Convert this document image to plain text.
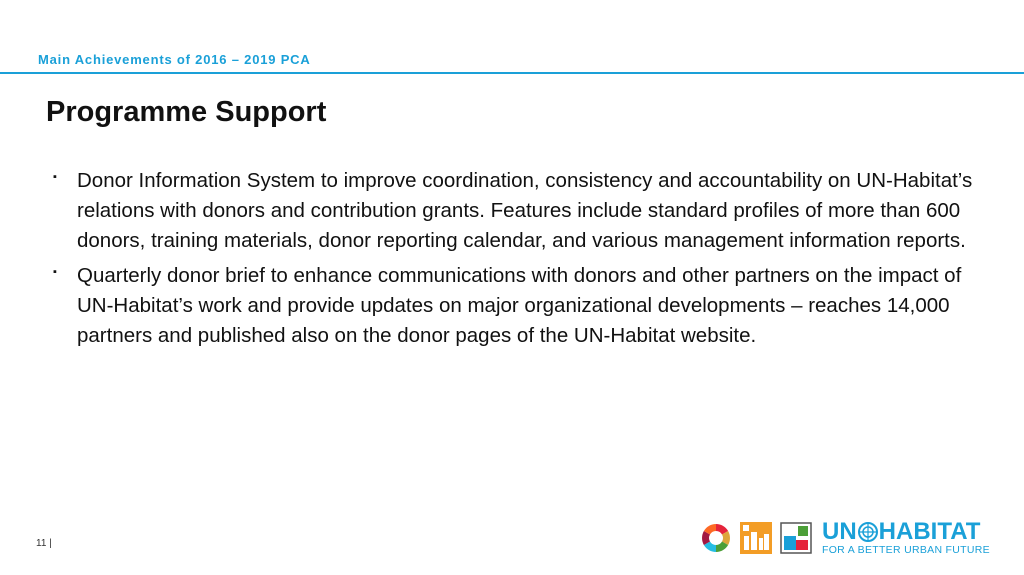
Main Achievements of 2016 – 2019 PCA
Programme Support
▪ Donor Information System to improve coordination, consistency and accountability on UN-Habitat’s relations with donors and contribution grants. Features include standard profiles of more than 600 donors, training materials, donor reporting calendar, and various management information reports.
▪ Quarterly donor brief to enhance communications with donors and other partners on the impact of UN-Habitat’s work and provide updates on major organizational developments – reaches 14,000 partners and published also on the donor pages of the UN-Habitat website.
11 |	UN HABITAT
FOR A BETTER URBAN FUTURE
